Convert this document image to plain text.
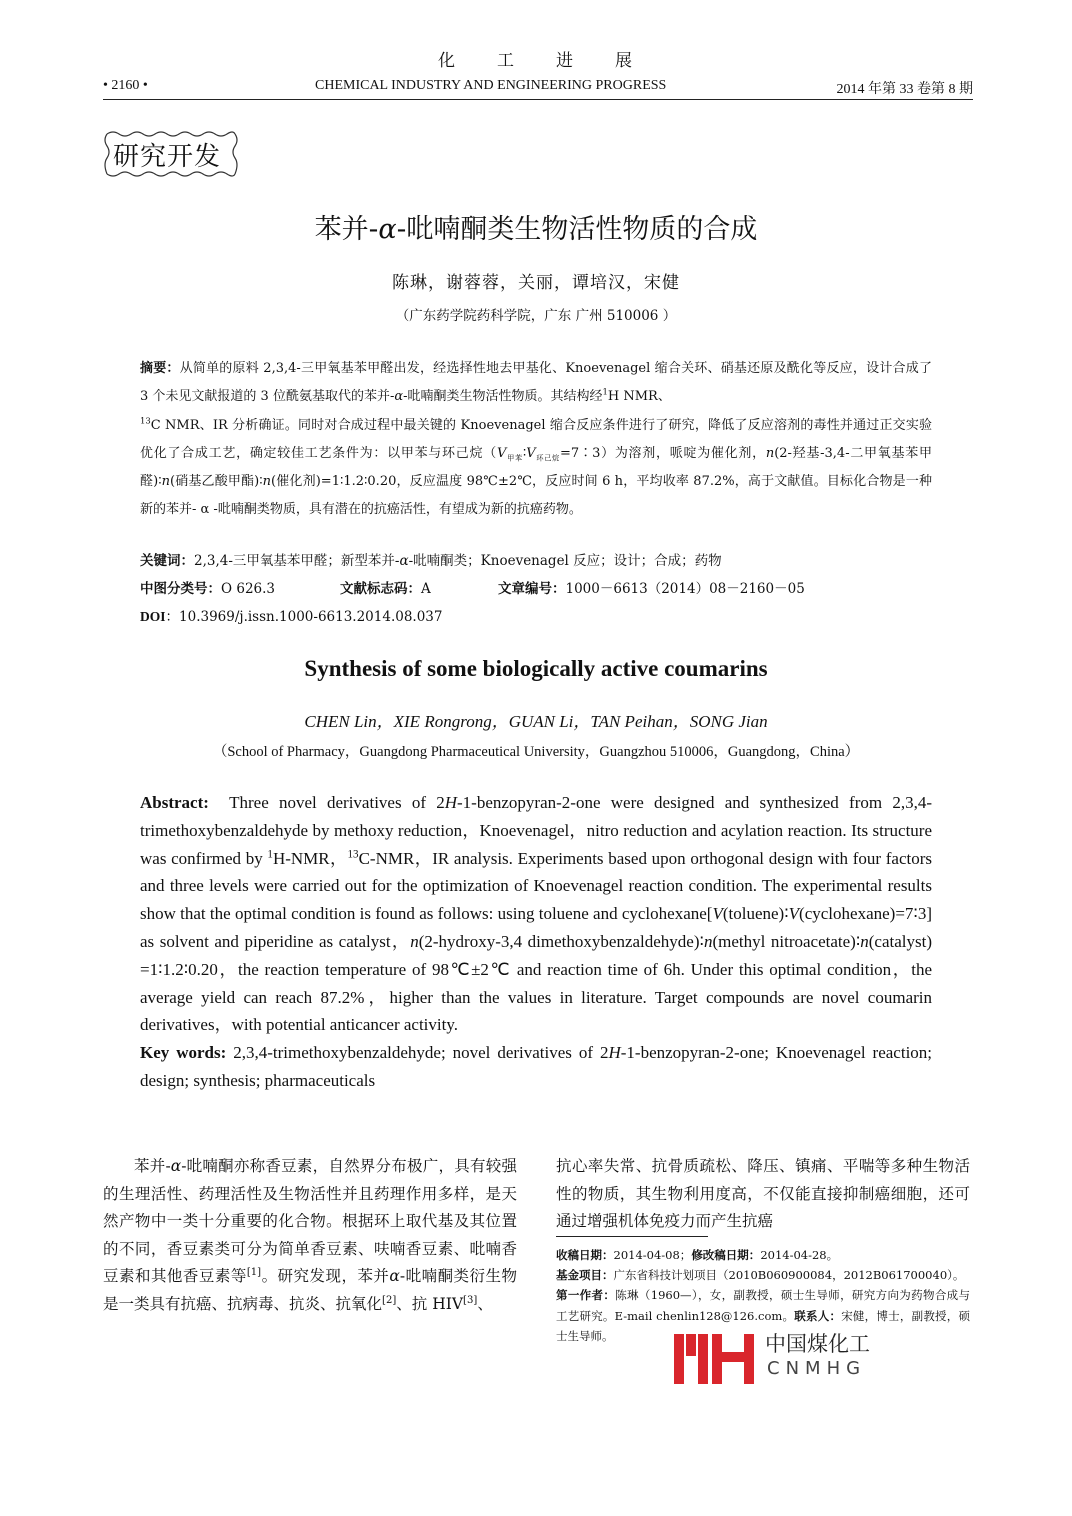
化工进展
• 2160 •	CHEMICAL INDUSTRY AND ENGINEERING PROGRESS	2014 年第 33 卷第 8 期
研究开发
苯并-α-吡喃酮类生物活性物质的合成
陈琳，谢蓉蓉，关丽，谭培汉，宋健
（广东药学院药科学院，广东 广州 510006 ）
摘要：从简单的原料 2,3,4-三甲氧基苯甲醛出发，经选择性地去甲基化、Knoevenagel 缩合关环、硝基还原及酰化等反应，设计合成了 3 个未见文献报道的 3 位酰氨基取代的苯并-α-吡喃酮类生物活性物质。其结构经$^1$H NMR、
$^{13}$C NMR、IR 分析确证。同时对合成过程中最关键的 Knoevenagel 缩合反应条件进行了研究，降低了反应溶剂的毒性并通过正交实验优化了合成工艺，确定较佳工艺条件为：以甲苯与环己烷$(V_{甲苯}∶V_{环己烷}=7∶3)$为溶剂，哌啶为催化剂，n(2-羟基-3,4-二甲氧基苯甲醛)∶n(硝基乙酸甲酯)∶n(催化剂)=1∶1.2∶0.20，反应温度 98℃±2℃，反应时间 6 h，平均收率 87.2%，高于文献值。目标化合物是一种新的苯并- α -吡喃酮类物质，具有潜在的抗癌活性，有望成为新的抗癌药物。
关键词：2,3,4-三甲氧基苯甲醛；新型苯并-α-吡喃酮类；Knoevenagel 反应；设计；合成；药物
中图分类号：O 626.3	文献标志码：A	文章编号：1000－6613（2014）08－2160－05
DOI：10.3969/j.issn.1000-6613.2014.08.037
Synthesis of some biologically active coumarins
CHEN Lin，XIE Rongrong，GUAN Li，TAN Peihan，SONG Jian
（School of Pharmacy，Guangdong Pharmaceutical University，Guangzhou 510006，Guangdong，China）
Abstract: Three novel derivatives of 2H-1-benzopyran-2-one were designed and synthesized from 2,3,4-trimethoxybenzaldehyde by methoxy reduction，Knoevenagel，nitro reduction and acylation reaction. Its structure was confirmed by $^1$H-NMR，$^{13}$C-NMR，IR analysis. Experiments based upon orthogonal design with four factors and three levels were carried out for the optimization of Knoevenagel reaction condition. The experimental results show that the optimal condition is found as follows: using toluene and cyclohexane[V(toluene)∶V(cyclohexane)=7∶3] as solvent and piperidine as catalyst，n(2-hydroxy-3,4 dimethoxybenzaldehyde)∶n(methyl nitroacetate)∶n(catalyst) =1∶1.2∶0.20，the reaction temperature of 98℃±2℃ and reaction time of 6h. Under this optimal condition，the average yield can reach 87.2%，higher than the values in literature. Target compounds are novel coumarin derivatives，with potential anticancer activity.
Key words: 2,3,4-trimethoxybenzaldehyde; novel derivatives of 2H-1-benzopyran-2-one; Knoevenagel reaction; design; synthesis; pharmaceuticals
苯并-α-吡喃酮亦称香豆素，自然界分布极广，具有较强的生理活性、药理活性及生物活性并且药理作用多样，是天然产物中一类十分重要的化合物。根据环上取代基及其位置的不同，香豆素类可分为简单香豆素、呋喃香豆素、吡喃香豆素和其他香豆素等[1]。研究发现，苯并α-吡喃酮类衍生物是一类具有抗癌、抗病毒、抗炎、抗氧化[2]、抗 HIV[3]、
抗心率失常、抗骨质疏松、降压、镇痛、平喘等多种生物活性的物质，其生物利用度高，不仅能直接抑制癌细胞，还可通过增强机体免疫力而产生抗癌
收稿日期：2014-04-08；修改稿日期：2014-04-28。
基金项目：广东省科技计划项目（2010B060900084，2012B061700040）。
第一作者：陈琳（1960—），女，副教授，硕士生导师，研究方向为药物合成与工艺研究。E-mail chenlin128@126.com。联系人：宋健，博士，副教授，硕士生导师。	中国煤化工
CNMHG
